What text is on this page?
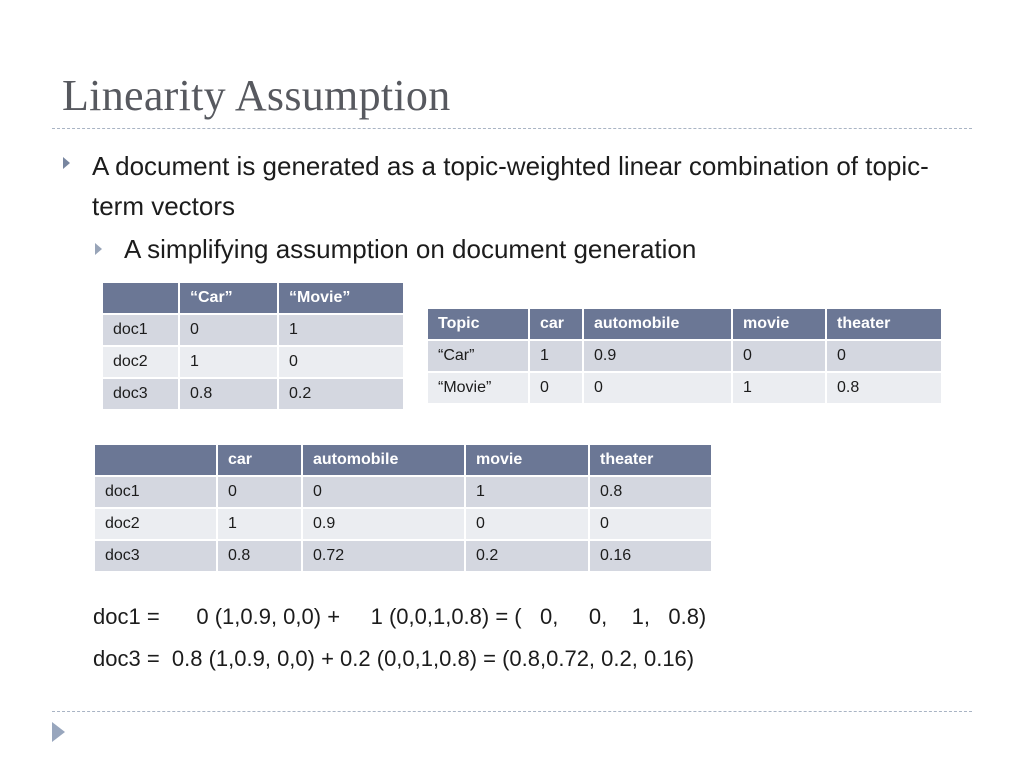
Linearity Assumption
A document is generated as a topic-weighted linear combination of topic-term vectors
A simplifying assumption on document generation
	“Car”	“Movie”
doc1	0	1
doc2	1	0
doc3	0.8	0.2
Topic	car	automobile	movie	theater
“Car”	1	0.9	0	0
“Movie”	0	0	1	0.8
	car	automobile	movie	theater
doc1	0	0	1	0.8
doc2	1	0.9	0	0
doc3	0.8	0.72	0.2	0.16
doc1 =      0 (1,0.9, 0,0) +     1 (0,0,1,0.8) = (   0,     0,    1,   0.8)
doc3 =  0.8 (1,0.9, 0,0) + 0.2 (0,0,1,0.8) = (0.8,0.72, 0.2, 0.16)
